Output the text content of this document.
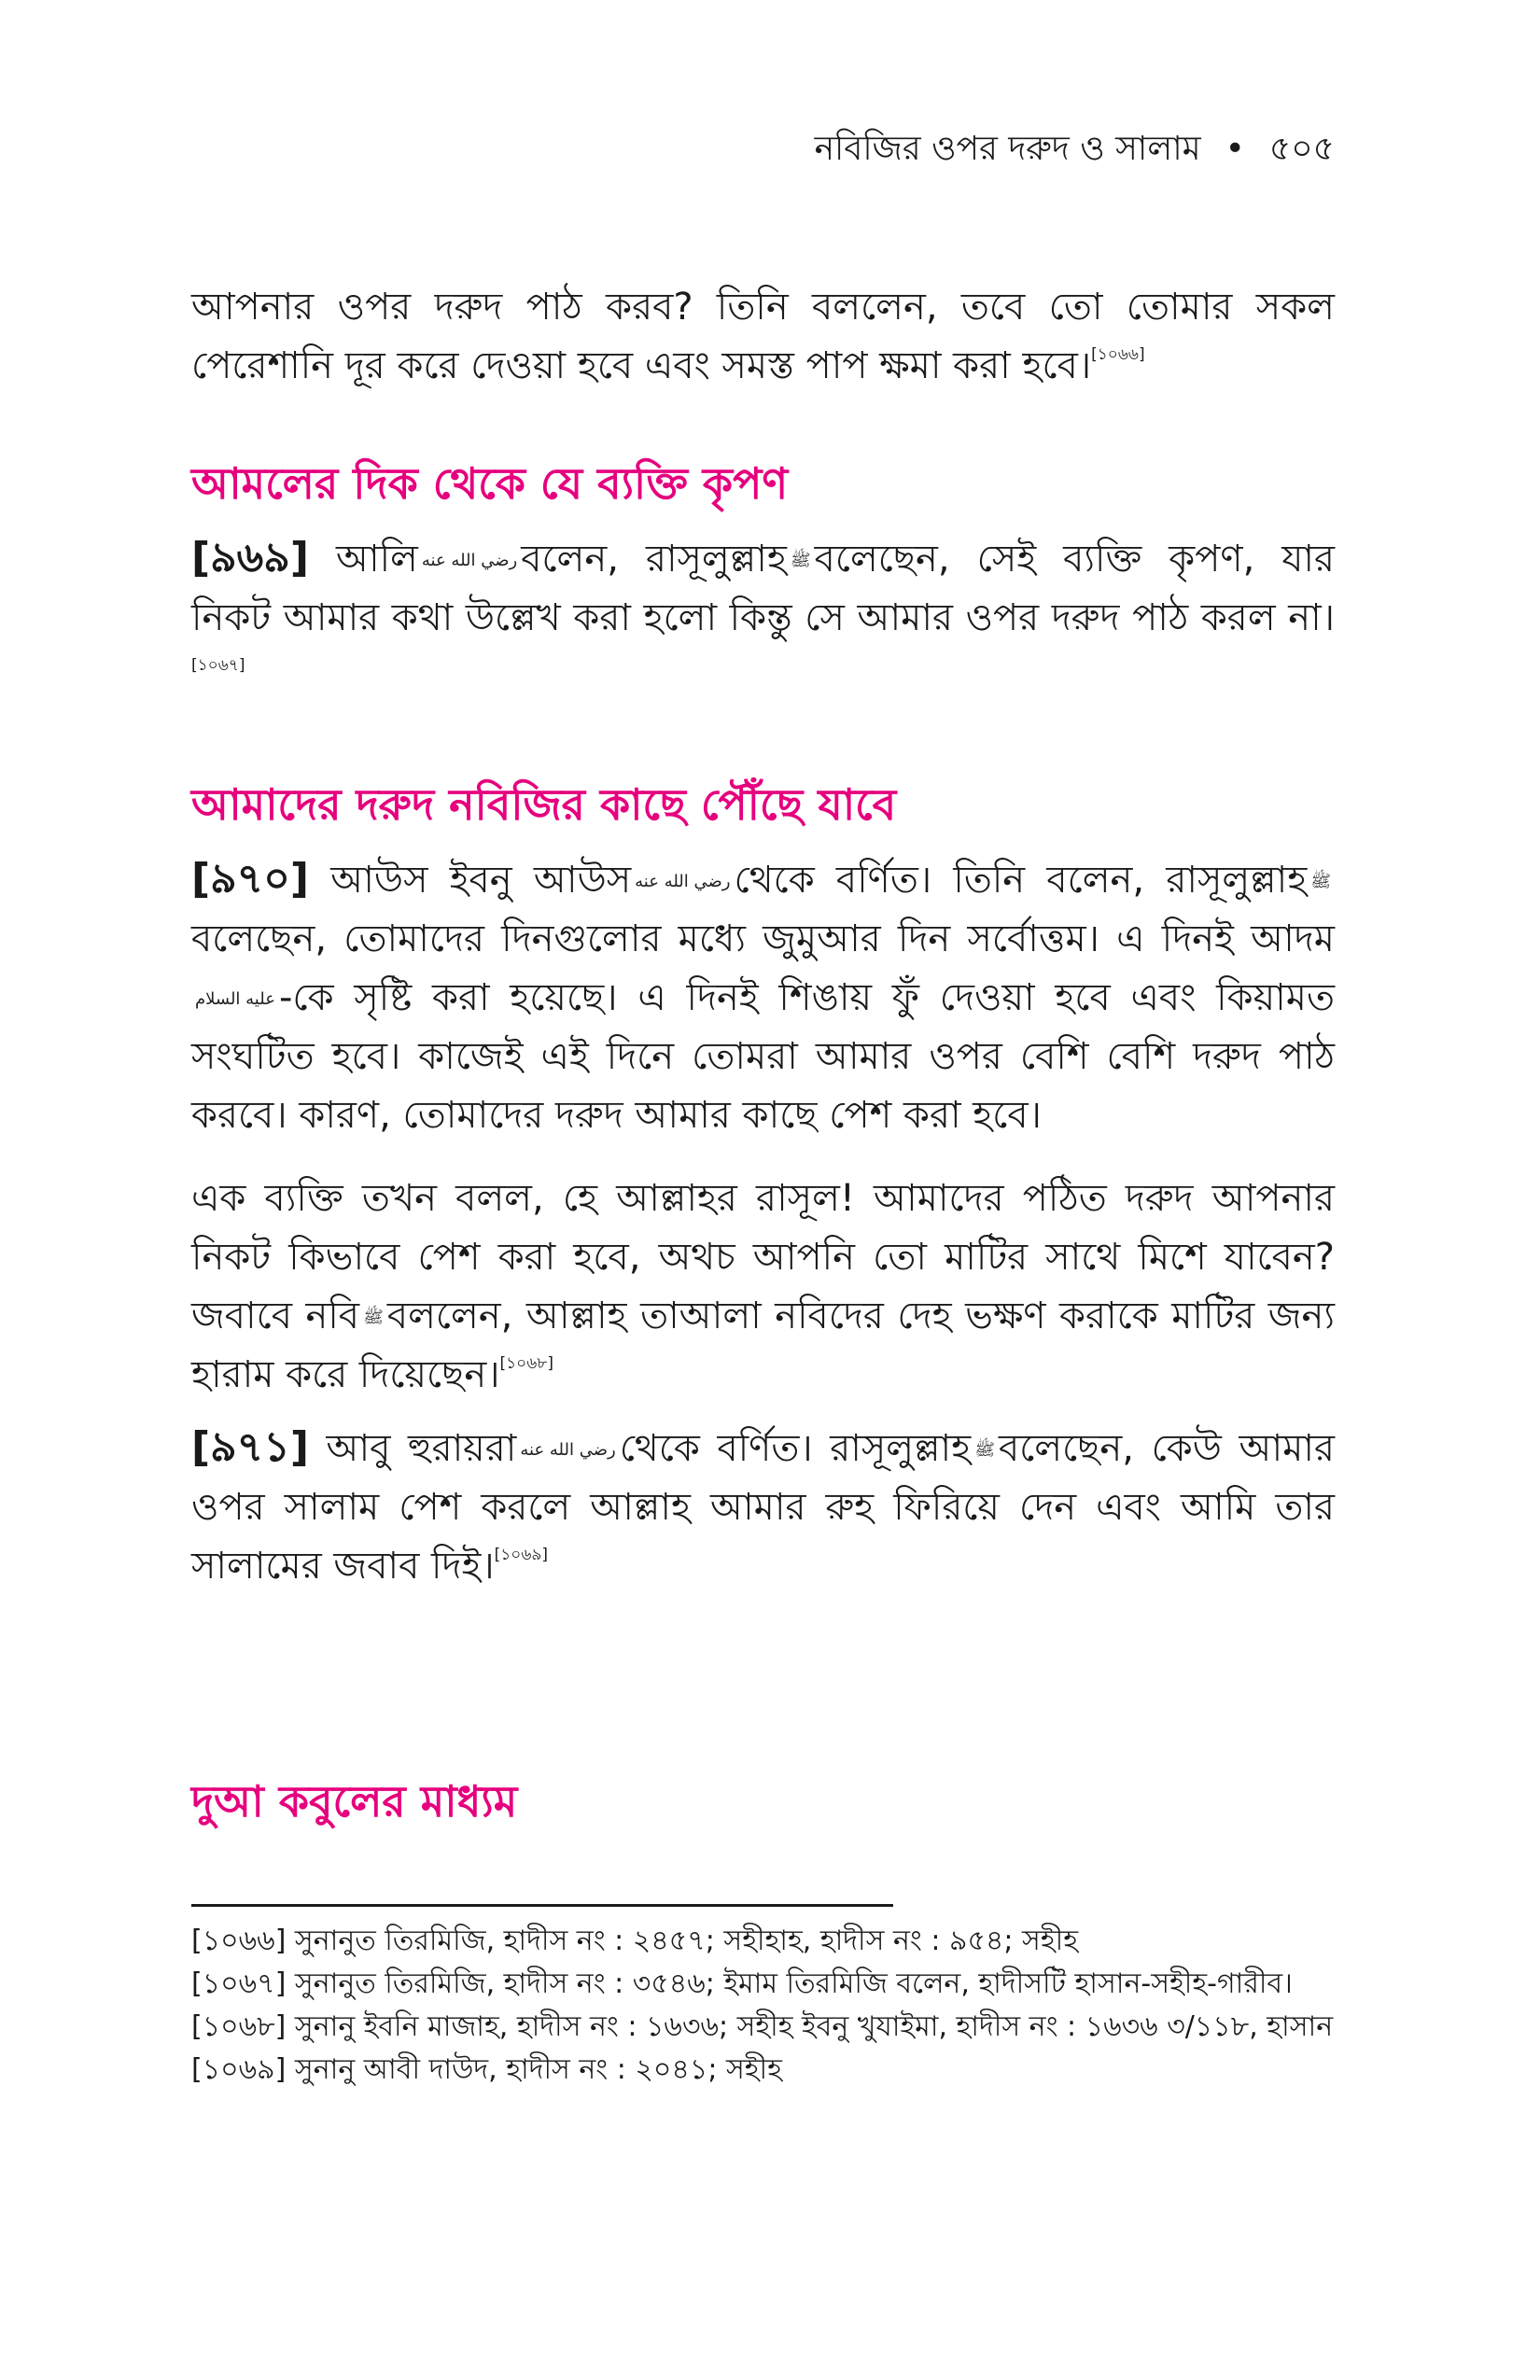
নবিজির ওপর দরুদ ও সালাম • ৫০৫

আপনার ওপর দরুদ পাঠ করব? তিনি বললেন, তবে তো তোমার সকল পেরেশানি দূর করে দেওয়া হবে এবং সমস্ত পাপ ক্ষমা করা হবে।[১০৬৬]

আমলের দিক থেকে যে ব্যক্তি কৃপণ

[৯৬৯] আলি رضي الله عنه বলেন, রাসূলুল্লাহ ﷺ বলেছেন, সেই ব্যক্তি কৃপণ, যার নিকট আমার কথা উল্লেখ করা হলো কিন্তু সে আমার ওপর দরুদ পাঠ করল না।[১০৬৭]

আমাদের দরুদ নবিজির কাছে পৌঁছে যাবে

[৯৭০] আউস ইবনু আউস رضي الله عنه থেকে বর্ণিত। তিনি বলেন, রাসূলুল্লাহ ﷺবলেছেন, তোমাদের দিনগুলোর মধ্যে জুমুআর দিন সর্বোত্তম। এ দিনই আদমعليه السلام -কে সৃষ্টি করা হয়েছে। এ দিনই শিঙায় ফুঁ দেওয়া হবে এবং কিয়ামত সংঘটিত হবে। কাজেই এই দিনে তোমরা আমার ওপর বেশি বেশি দরুদ পাঠ করবে। কারণ, তোমাদের দরুদ আমার কাছে পেশ করা হবে।

এক ব্যক্তি তখন বলল, হে আল্লাহর রাসূল! আমাদের পঠিত দরুদ আপনার নিকট কিভাবে পেশ করা হবে, অথচ আপনি তো মাটির সাথে মিশে যাবেন? জবাবে নবি ﷺ বললেন, আল্লাহ তাআলা নবিদের দেহ ভক্ষণ করাকে মাটির জন্য হারাম করে দিয়েছেন।[১০৬৮]

[৯৭১] আবু হুরায়রা رضي الله عنه থেকে বর্ণিত। রাসূলুল্লাহ ﷺ বলেছেন, কেউ আমার ওপর সালাম পেশ করলে আল্লাহ আমার রুহ ফিরিয়ে দেন এবং আমি তার সালামের জবাব দিই।[১০৬৯]

দুআ কবুলের মাধ্যম

[১০৬৬] সুনানুত তিরমিজি, হাদীস নং : ২৪৫৭; সহীহাহ, হাদীস নং : ৯৫৪; সহীহ

[১০৬৭] সুনানুত তিরমিজি, হাদীস নং : ৩৫৪৬; ইমাম তিরমিজি বলেন, হাদীসটি হাসান-সহীহ-গারীব।

[১০৬৮] সুনানু ইবনি মাজাহ, হাদীস নং : ১৬৩৬; সহীহ ইবনু খুযাইমা, হাদীস নং : ১৬৩৬ ৩/১১৮, হাসান

[১০৬৯] সুনানু আবী দাউদ, হাদীস নং : ২০৪১; সহীহ
